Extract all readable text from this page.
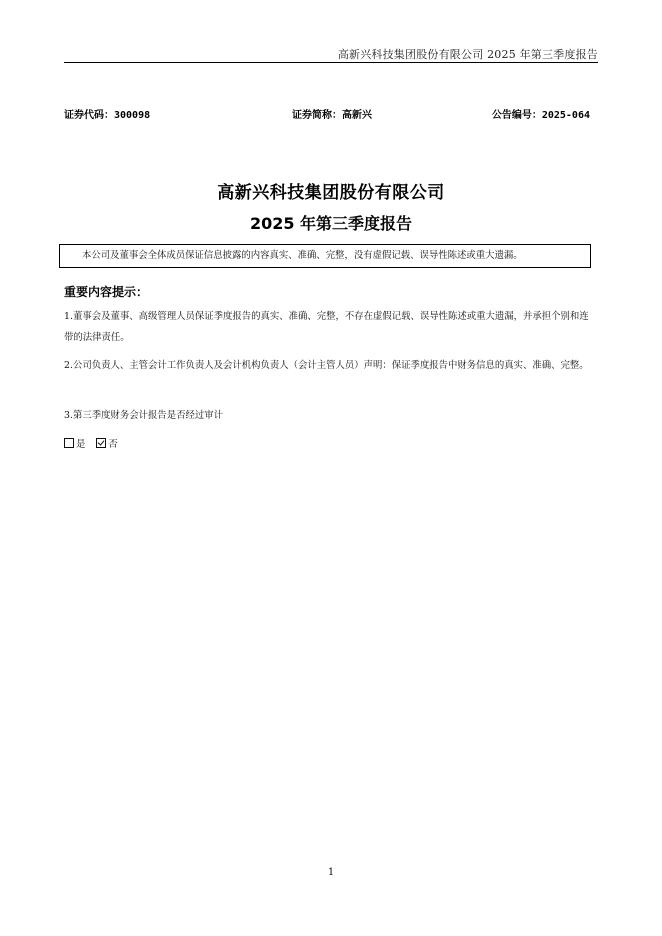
高新兴科技集团股份有限公司 2025 年第三季度报告
证券代码：300098	证券简称：高新兴	公告编号：2025-064
高新兴科技集团股份有限公司
2025 年第三季度报告
本公司及董事会全体成员保证信息披露的内容真实、准确、完整，没有虚假记载、误导性陈述或重大遗漏。
重要内容提示：
1.董事会及董事、高级管理人员保证季度报告的真实、准确、完整，不存在虚假记载、误导性陈述或重大遗漏，并承担个别和连带的法律责任。
2.公司负责人、主管会计工作负责人及会计机构负责人（会计主管人员）声明：保证季度报告中财务信息的真实、准确、完整。
3.第三季度财务会计报告是否经过审计
是 否
1
